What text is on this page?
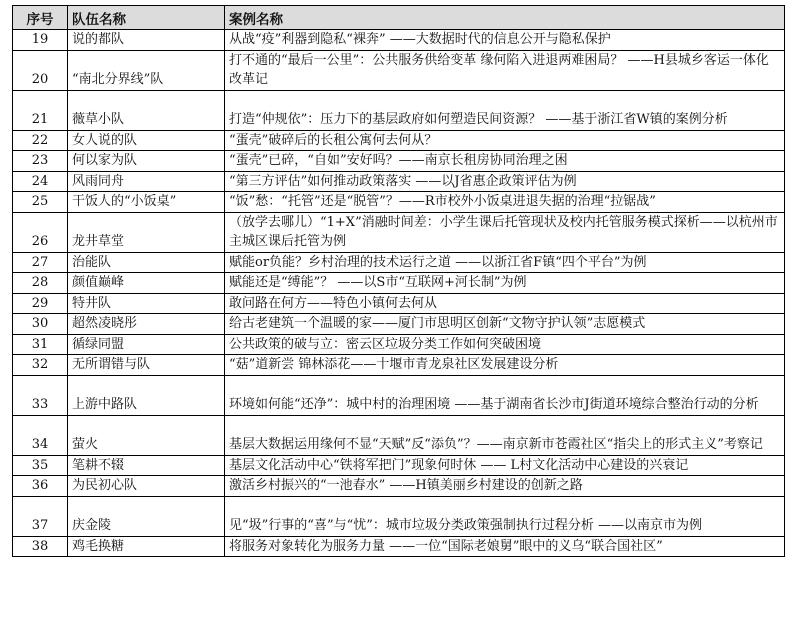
序号	队伍名称	案例名称
19	说的都队	从战“疫”利器到隐私“裸奔” ——大数据时代的信息公开与隐私保护
20	“南北分界线”队	打不通的“最后一公里”：公共服务供给变革 缘何陷入进退两难困局？ ——H县城乡客运一体化改革记
21	薇草小队	打造“仲规依”：压力下的基层政府如何塑造民间资源？ ——基于浙江省W镇的案例分析
22	女人说的队	“蛋壳”破碎后的长租公寓何去何从？
23	何以家为队	“蛋壳”已碎，“自如”安好吗？——南京长租房协同治理之困
24	风雨同舟	“第三方评估”如何推动政策落实 ——以J省惠企政策评估为例
25	干饭人的“小饭桌”	“饭”愁：“托管”还是“脱管”？——R市校外小饭桌进退失据的治理“拉锯战”
26	龙井草堂	（放学去哪儿）“1+X”消融时间差：小学生课后托管现状及校内托管服务模式探析——以杭州市主城区课后托管为例
27	治能队	赋能or负能？乡村治理的技术运行之道 ——以浙江省F镇“四个平台”为例
28	颜值巅峰	赋能还是“缚能”？ ——以S市“互联网+河长制”为例
29	特井队	敢问路在何方——特色小镇何去何从
30	超然凌晓彤	给古老建筑一个温暖的家——厦门市思明区创新“文物守护认领”志愿模式
31	循绿同盟	公共政策的破与立：密云区垃圾分类工作如何突破困境
32	无所谓错与队	“菇”道新尝 锦林添花——十堰市青龙泉社区发展建设分析
33	上游中路队	环境如何能“还净”：城中村的治理困境 ——基于湖南省长沙市J街道环境综合整治行动的分析
34	萤火	基层大数据运用缘何不显“天赋”反“添负”？——南京新市苍霞社区“指尖上的形式主义”考察记
35	笔耕不辍	基层文化活动中心“铁将军把门”现象何时休 —— L村文化活动中心建设的兴衰记
36	为民初心队	激活乡村振兴的“一池春水” ——H镇美丽乡村建设的创新之路
37	庆金陵	见“圾”行事的“喜”与“忧”：城市垃圾分类政策强制执行过程分析 ——以南京市为例
38	鸡毛换糖	将服务对象转化为服务力量 ——一位“国际老娘舅”眼中的义乌“联合国社区”
